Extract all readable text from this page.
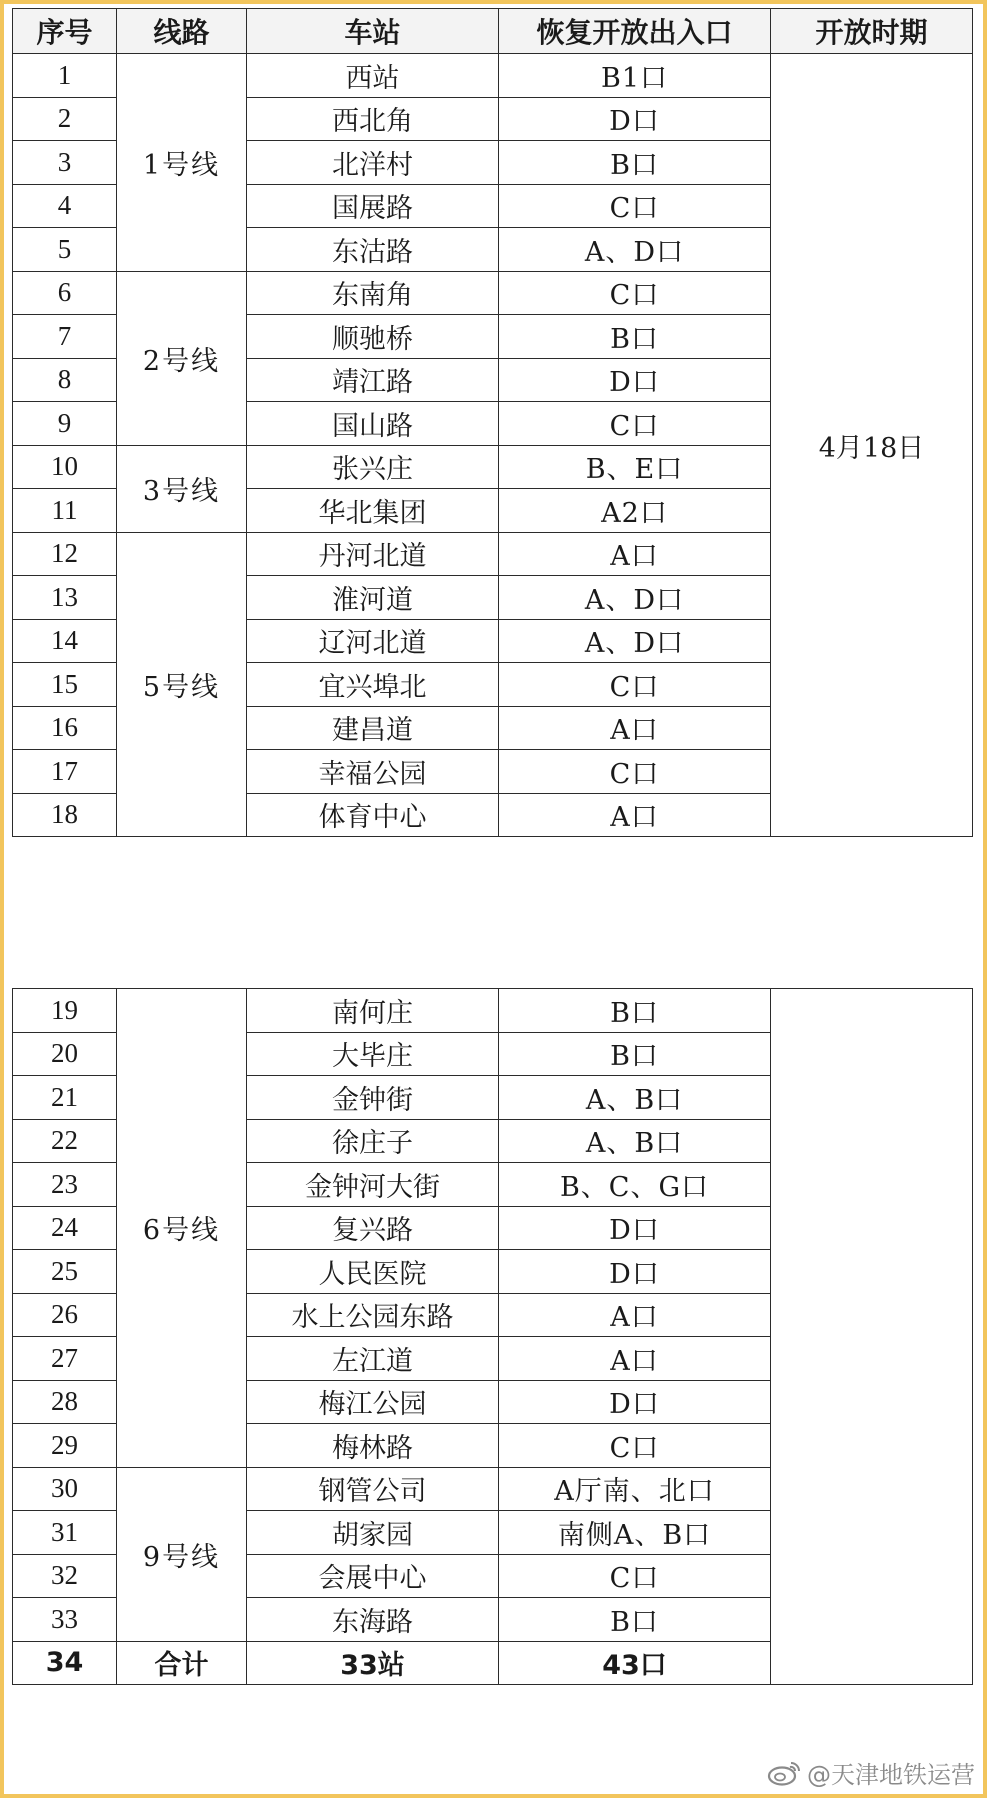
序号	线路	车站	恢复开放出入口	开放时期
1	1号线	西站	B1口	4月18日
2		西北角	D口	
3		北洋村	B口	
4		国展路	C口	
5		东沽路	A、D口	
6	2号线	东南角	C口	
7		顺驰桥	B口	
8		靖江路	D口	
9		国山路	C口	
10	3号线	张兴庄	B、E口	
11		华北集团	A2口	
12	5号线	丹河北道	A口	
13		淮河道	A、D口	
14		辽河北道	A、D口	
15		宜兴埠北	C口	
16		建昌道	A口	
17		幸福公园	C口	
18		体育中心	A口	
19	6号线	南何庄	B口	
20		大毕庄	B口	
21		金钟街	A、B口	
22		徐庄子	A、B口	
23		金钟河大街	B、C、G口	
24		复兴路	D口	
25		人民医院	D口	
26		水上公园东路	A口	
27		左江道	A口	
28		梅江公园	D口	
29		梅林路	C口	
30	9号线	钢管公司	A厅南、北口	
31		胡家园	南侧A、B口	
32		会展中心	C口	
33		东海路	B口	
34	合计	33站	43口	
@天津地铁运营
